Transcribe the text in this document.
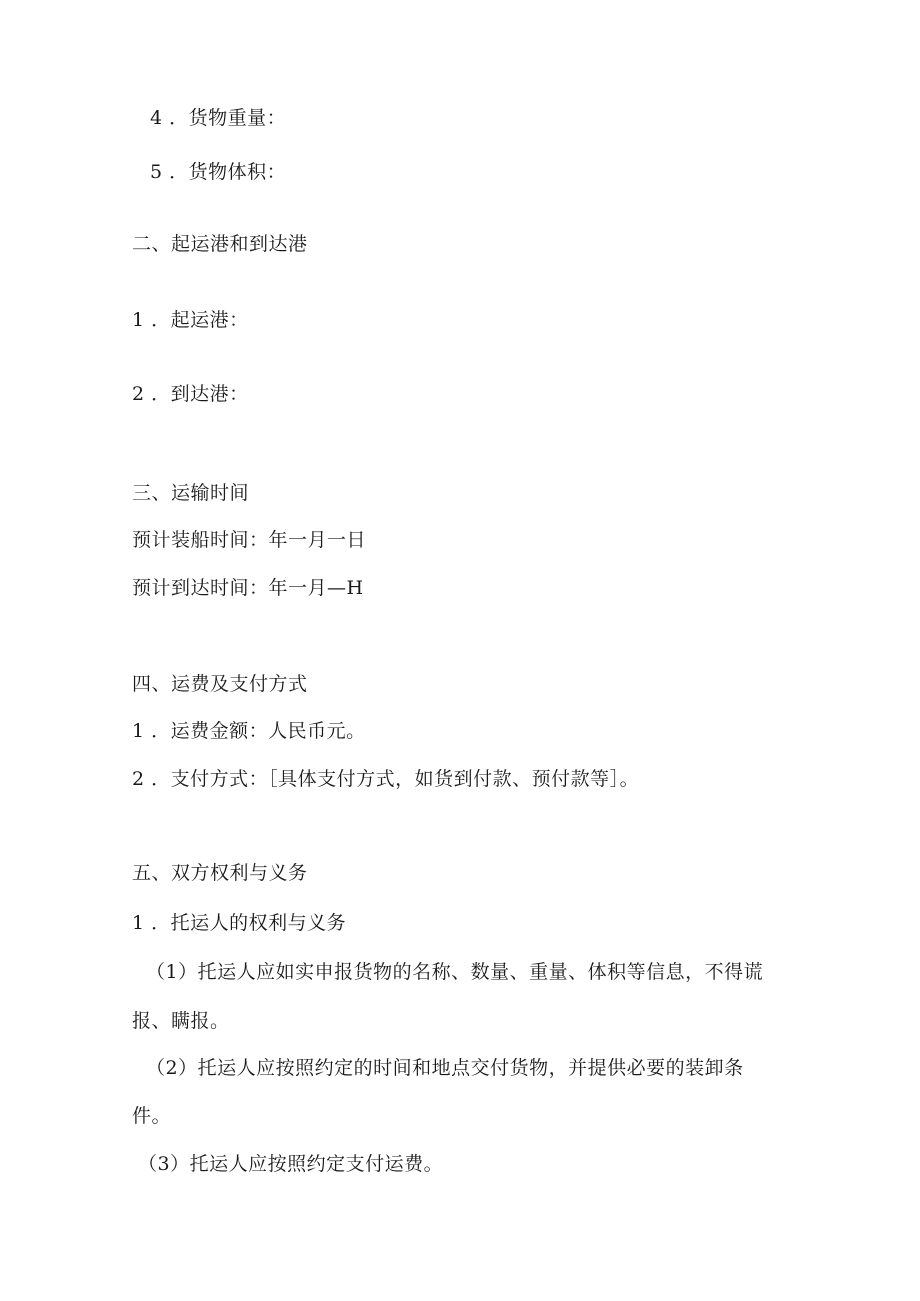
4 ．货物重量：
5 ．货物体积：
二、起运港和到达港
1 ．起运港：
2 ．到达港：
三、运输时间
预计装船时间：年一月一日
预计到达时间：年一月—H
四、运费及支付方式
1 ．运费金额：人民币元。
2 ．支付方式：［具体支付方式，如货到付款、预付款等］。
五、双方权利与义务
1 ．托运人的权利与义务
（1）托运人应如实申报货物的名称、数量、重量、体积等信息，不得谎
报、瞒报。
（2）托运人应按照约定的时间和地点交付货物，并提供必要的装卸条
件。
（3）托运人应按照约定支付运费。
